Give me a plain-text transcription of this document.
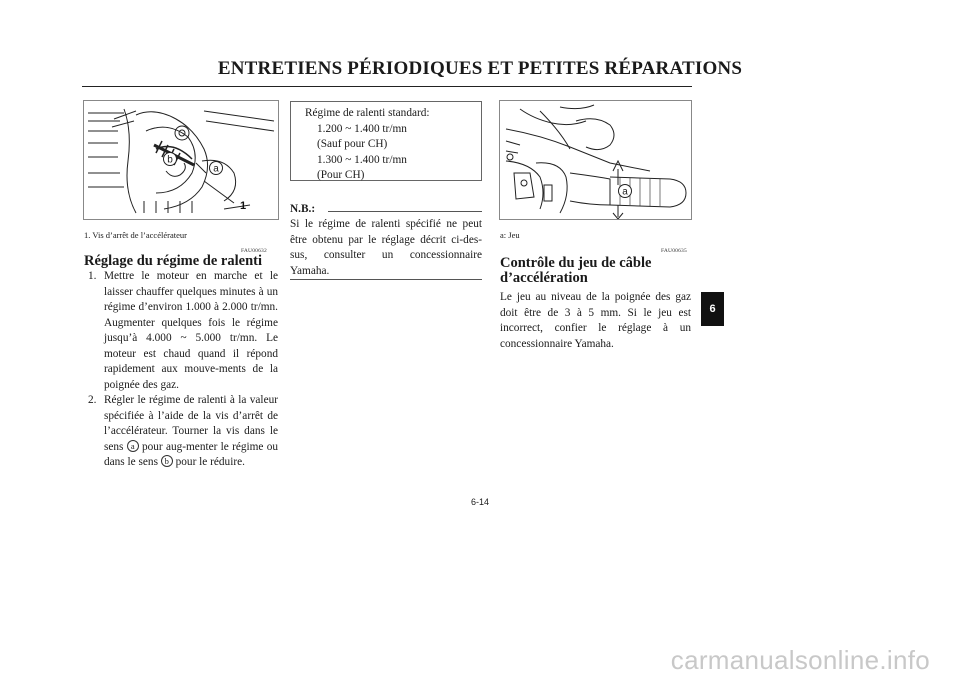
ENTRETIENS PÉRIODIQUES ET PETITES RÉPARATIONS
b
a
1
1. Vis d’arrêt de l’accélérateur
FAU00632
Réglage du régime de ralenti
1. Mettre le moteur en marche et le laisser chauffer quelques minutes à un régime d’environ 1.000 à 2.000 tr/mn. Augmenter quelques fois le régime jusqu’à 4.000 ~ 5.000 tr/mn. Le moteur est chaud quand il répond rapidement aux mouve-ments de la poignée des gaz.
2. Régler le régime de ralenti à la valeur spécifiée à l’aide de la vis d’arrêt de l’accélérateur. Tourner la vis dans le sens a pour aug-menter le régime ou dans le sens b pour le réduire.
Régime de ralenti standard:
1.200 ~ 1.400 tr/mn
(Sauf pour CH)
1.300 ~ 1.400 tr/mn
(Pour CH)
N.B.:
Si le régime de ralenti spécifié ne peut être obtenu par le réglage décrit ci-des-sus, consulter un concessionnaire Yamaha.
a
a: Jeu
FAU00635
Contrôle du jeu de câble
d’accélération
Le jeu au niveau de la poignée des gaz doit être de 3 à 5 mm. Si le jeu est incorrect, confier le réglage à un concessionnaire Yamaha.
6
6-14
carmanualsonline.info
